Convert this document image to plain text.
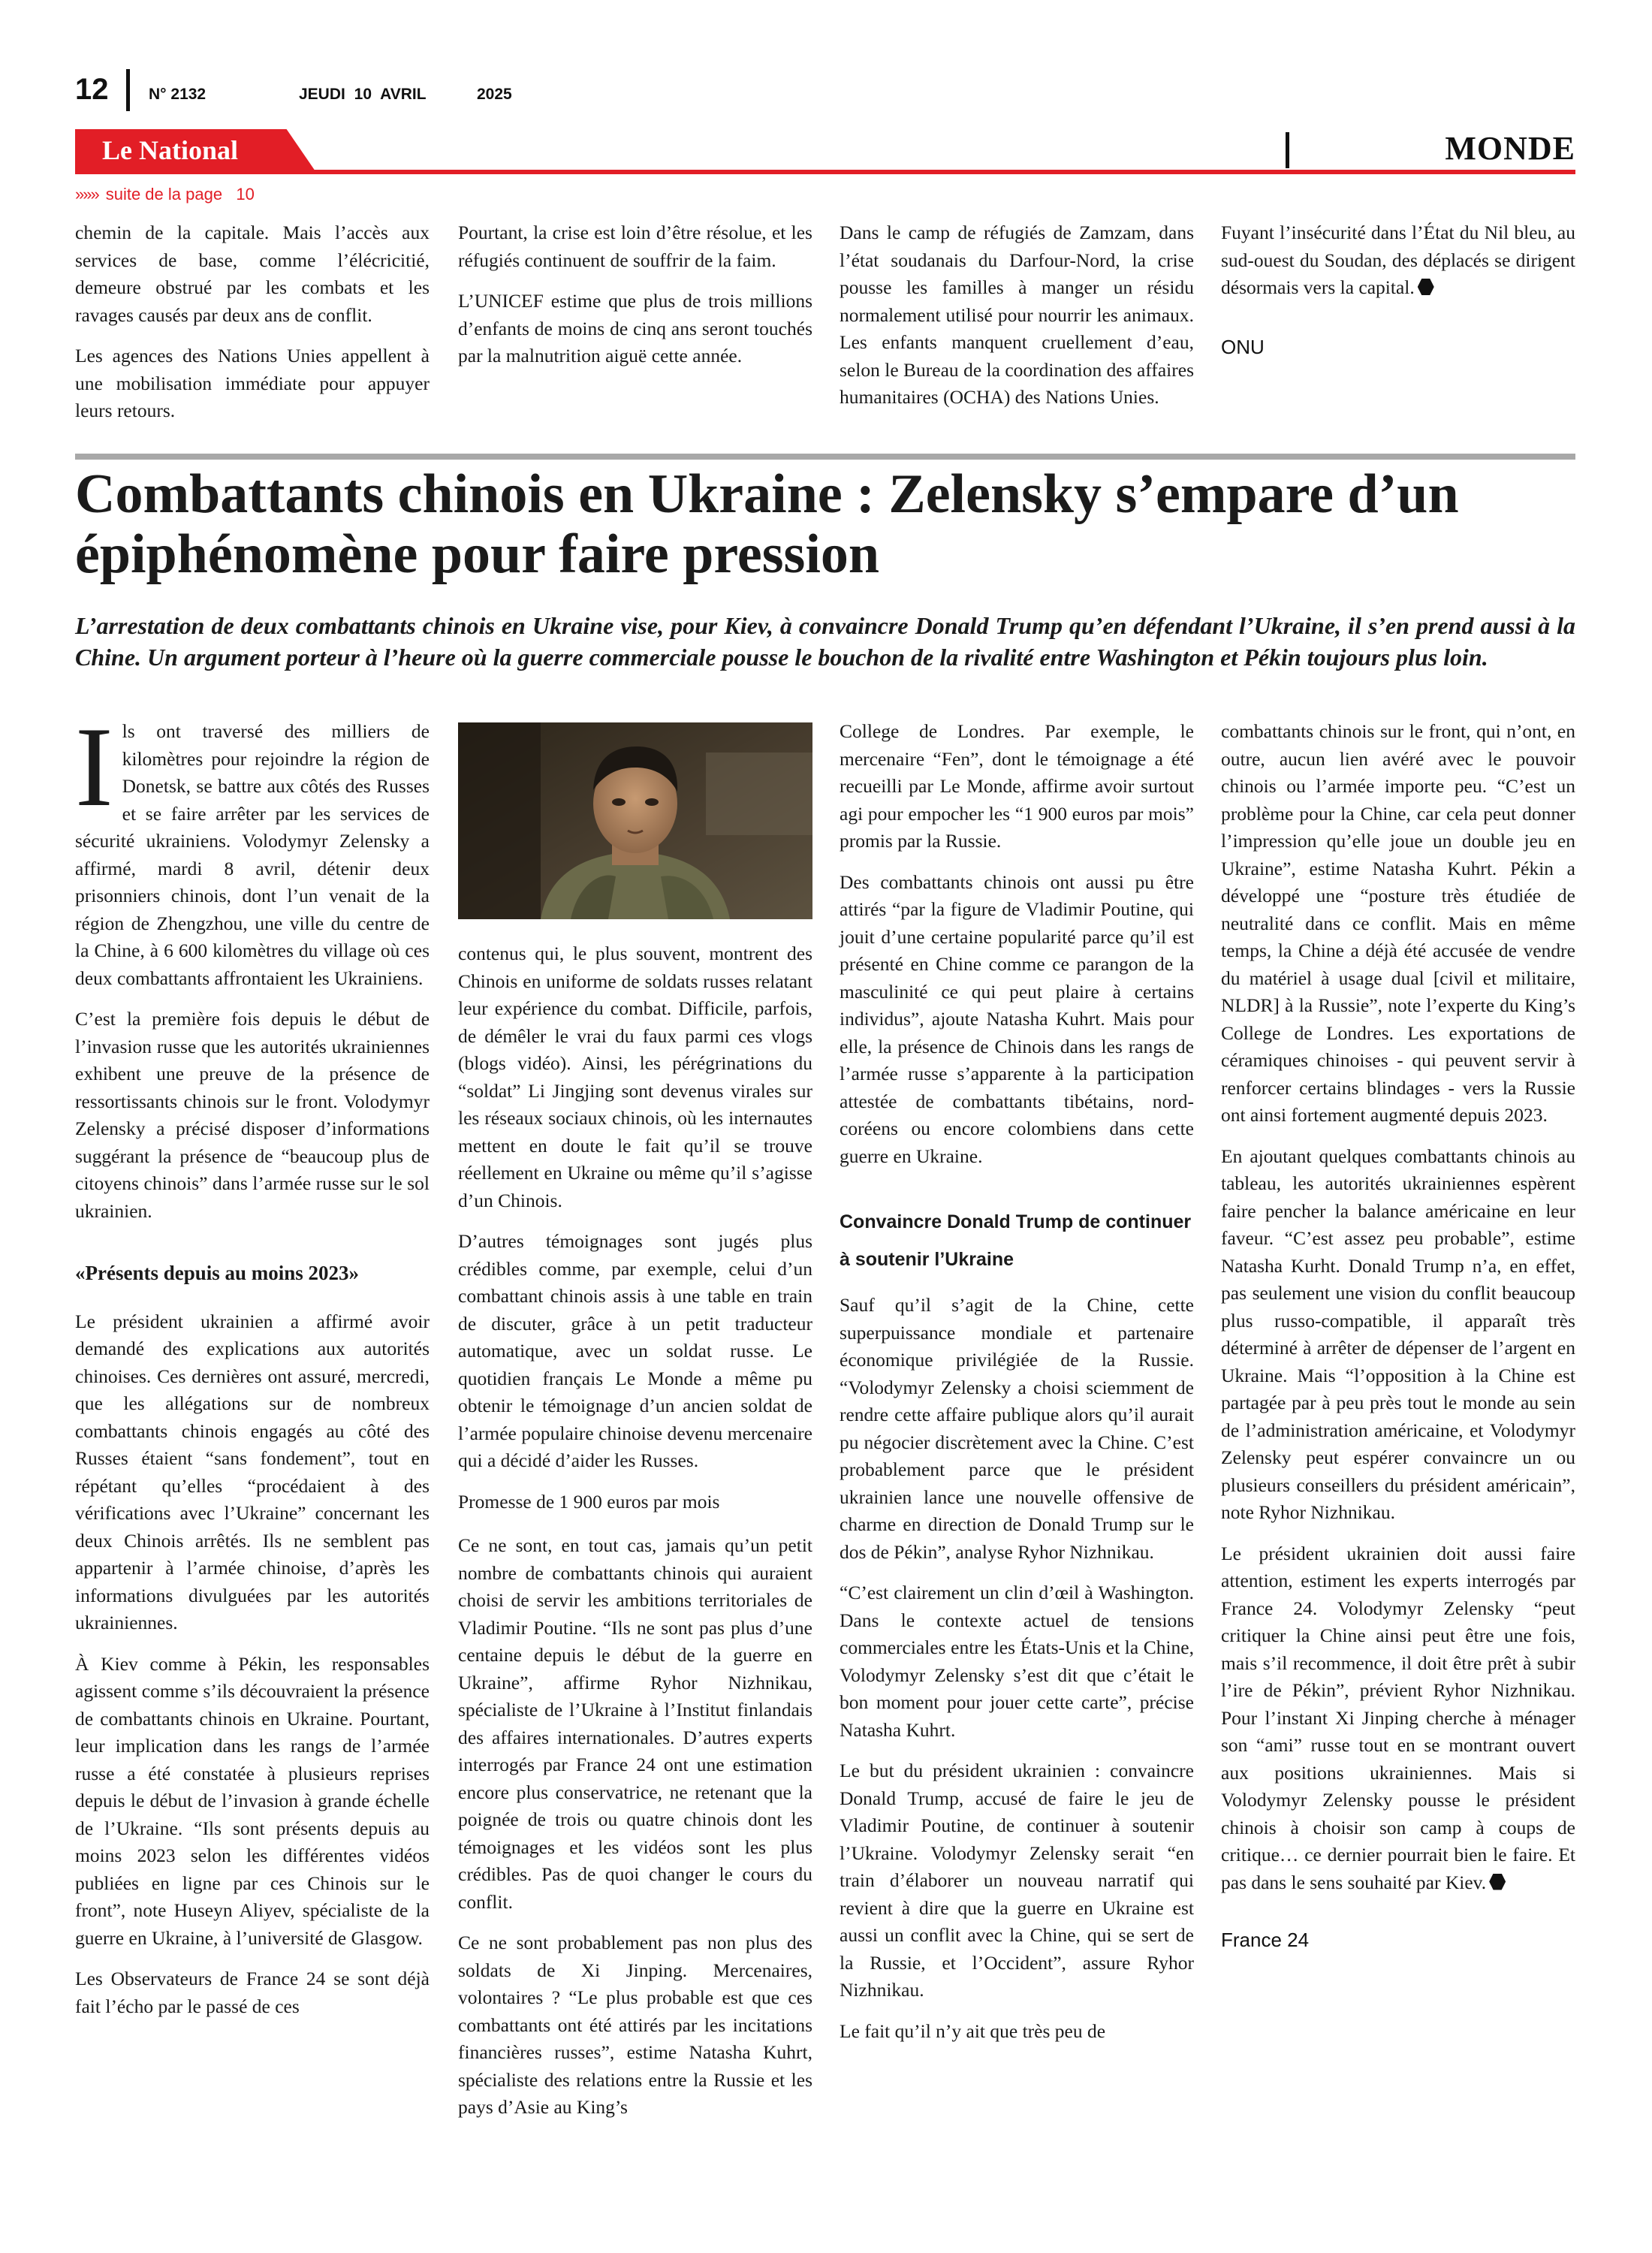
12	N° 2132	JEUDI 10 AVRIL	2025
Le National	MONDE
»»» suite de la page 10

chemin de la capitale. Mais l’accès aux services de base, comme l’élécricitié, demeure obstrué par les combats et les ravages causés par deux ans de conflit.

Les agences des Nations Unies appellent à une mobilisation immédiate pour appuyer leurs retours.

Pourtant, la crise est loin d’être résolue, et les réfugiés continuent de souffrir de la faim.

L’UNICEF estime que plus de trois millions d’enfants de moins de cinq ans seront touchés par la malnutrition aiguë cette année.

Dans le camp de réfugiés de Zamzam, dans l’état soudanais du Darfour-Nord, la crise pousse les familles à manger un résidu normalement utilisé pour nourrir les animaux. Les enfants manquent cruellement d’eau, selon le Bureau de la coordination des affaires humanitaires (OCHA) des Nations Unies.

Fuyant l’insécurité dans l’État du Nil bleu, au sud-ouest du Soudan, des déplacés se dirigent désormais vers la capital.

ONU

Combattants chinois en Ukraine : Zelensky s’empare d’un épiphénomène pour faire pression

L’arrestation de deux combattants chinois en Ukraine vise, pour Kiev, à convaincre Donald Trump qu’en défendant l’Ukraine, il s’en prend aussi à la Chine. Un argument porteur à l’heure où la guerre commerciale pousse le bouchon de la rivalité entre Washington et Pékin toujours plus loin.

Ils ont traversé des milliers de kilomètres pour rejoindre la région de Donetsk, se battre aux côtés des Russes et se faire arrêter par les services de sécurité ukrainiens. Volodymyr Zelensky a affirmé, mardi 8 avril, détenir deux prisonniers chinois, dont l’un venait de la région de Zhengzhou, une ville du centre de la Chine, à 6 600 kilomètres du village où ces deux combattants affrontaient les Ukrainiens.

C’est la première fois depuis le début de l’invasion russe que les autorités ukrainiennes exhibent une preuve de la présence de ressortissants chinois sur le front. Volodymyr Zelensky a précisé disposer d’informations suggérant la présence de “beaucoup plus de citoyens chinois” dans l’armée russe sur le sol ukrainien.

«Présents depuis au moins 2023»

Le président ukrainien a affirmé avoir demandé des explications aux autorités chinoises. Ces dernières ont assuré, mercredi, que les allégations sur de nombreux combattants chinois engagés au côté des Russes étaient “sans fondement”, tout en répétant qu’elles “procédaient à des vérifications avec l’Ukraine” concernant les deux Chinois arrêtés. Ils ne semblent pas appartenir à l’armée chinoise, d’après les informations divulguées par les autorités ukrainiennes.

À Kiev comme à Pékin, les responsables agissent comme s’ils découvraient la présence de combattants chinois en Ukraine. Pourtant, leur implication dans les rangs de l’armée russe a été constatée à plusieurs reprises depuis le début de l’invasion à grande échelle de l’Ukraine. “Ils sont présents depuis au moins 2023 selon les différentes vidéos publiées en ligne par ces Chinois sur le front”, note Huseyn Aliyev, spécialiste de la guerre en Ukraine, à l’université de Glasgow.

Les Observateurs de France 24 se sont déjà fait l’écho par le passé de ces

contenus qui, le plus souvent, montrent des Chinois en uniforme de soldats russes relatant leur expérience du combat. Difficile, parfois, de démêler le vrai du faux parmi ces vlogs (blogs vidéo). Ainsi, les pérégrinations du “soldat” Li Jingjing sont devenus virales sur les réseaux sociaux chinois, où les internautes mettent en doute le fait qu’il se trouve réellement en Ukraine ou même qu’il s’agisse d’un Chinois.

D’autres témoignages sont jugés plus crédibles comme, par exemple, celui d’un combattant chinois assis à une table en train de discuter, grâce à un petit traducteur automatique, avec un soldat russe. Le quotidien français Le Monde a même pu obtenir le témoignage d’un ancien soldat de l’armée populaire chinoise devenu mercenaire qui a décidé d’aider les Russes.

Promesse de 1 900 euros par mois

Ce ne sont, en tout cas, jamais qu’un petit nombre de combattants chinois qui auraient choisi de servir les ambitions territoriales de Vladimir Poutine. “Ils ne sont pas plus d’une centaine depuis le début de la guerre en Ukraine”, affirme Ryhor Nizhnikau, spécialiste de l’Ukraine à l’Institut finlandais des affaires internationales. D’autres experts interrogés par France 24 ont une estimation encore plus conservatrice, ne retenant que la poignée de trois ou quatre chinois dont les témoignages et les vidéos sont les plus crédibles. Pas de quoi changer le cours du conflit.

Ce ne sont probablement pas non plus des soldats de Xi Jinping. Mercenaires, volontaires ? “Le plus probable est que ces combattants ont été attirés par les incitations financières russes”, estime Natasha Kuhrt, spécialiste des relations entre la Russie et les pays d’Asie au King’s

College de Londres. Par exemple, le mercenaire “Fen”, dont le témoignage a été recueilli par Le Monde, affirme avoir surtout agi pour empocher les “1 900 euros par mois” promis par la Russie.

Des combattants chinois ont aussi pu être attirés “par la figure de Vladimir Poutine, qui jouit d’une certaine popularité parce qu’il est présenté en Chine comme ce parangon de la masculinité ce qui peut plaire à certains individus”, ajoute Natasha Kuhrt. Mais pour elle, la présence de Chinois dans les rangs de l’armée russe s’apparente à la participation attestée de combattants tibétains, nord-coréens ou encore colombiens dans cette guerre en Ukraine.

Convaincre Donald Trump de continuer à soutenir l’Ukraine

Sauf qu’il s’agit de la Chine, cette superpuissance mondiale et partenaire économique privilégiée de la Russie. “Volodymyr Zelensky a choisi sciemment de rendre cette affaire publique alors qu’il aurait pu négocier discrètement avec la Chine. C’est probablement parce que le président ukrainien lance une nouvelle offensive de charme en direction de Donald Trump sur le dos de Pékin”, analyse Ryhor Nizhnikau.

“C’est clairement un clin d’œil à Washington. Dans le contexte actuel de tensions commerciales entre les États-Unis et la Chine, Volodymyr Zelensky s’est dit que c’était le bon moment pour jouer cette carte”, précise Natasha Kuhrt.

Le but du président ukrainien : convaincre Donald Trump, accusé de faire le jeu de Vladimir Poutine, de continuer à soutenir l’Ukraine. Volodymyr Zelensky serait “en train d’élaborer un nouveau narratif qui revient à dire que la guerre en Ukraine est aussi un conflit avec la Chine, qui se sert de la Russie, et l’Occident”, assure Ryhor Nizhnikau.

Le fait qu’il n’y ait que très peu de

combattants chinois sur le front, qui n’ont, en outre, aucun lien avéré avec le pouvoir chinois ou l’armée importe peu. “C’est un problème pour la Chine, car cela peut donner l’impression qu’elle joue un double jeu en Ukraine”, estime Natasha Kuhrt. Pékin a développé une “posture très étudiée de neutralité dans ce conflit. Mais en même temps, la Chine a déjà été accusée de vendre du matériel à usage dual [civil et militaire, NLDR] à la Russie”, note l’experte du King’s College de Londres. Les exportations de céramiques chinoises - qui peuvent servir à renforcer certains blindages - vers la Russie ont ainsi fortement augmenté depuis 2023.

En ajoutant quelques combattants chinois au tableau, les autorités ukrainiennes espèrent faire pencher la balance américaine en leur faveur. “C’est assez peu probable”, estime Natasha Kurht. Donald Trump n’a, en effet, pas seulement une vision du conflit beaucoup plus russo-compatible, il apparaît très déterminé à arrêter de dépenser de l’argent en Ukraine. Mais “l’opposition à la Chine est partagée par à peu près tout le monde au sein de l’administration américaine, et Volodymyr Zelensky peut espérer convaincre un ou plusieurs conseillers du président américain”, note Ryhor Nizhnikau.

Le président ukrainien doit aussi faire attention, estiment les experts interrogés par France 24. Volodymyr Zelensky “peut critiquer la Chine ainsi peut être une fois, mais s’il recommence, il doit être prêt à subir l’ire de Pékin”, prévient Ryhor Nizhnikau. Pour l’instant Xi Jinping cherche à ménager son “ami” russe tout en se montrant ouvert aux positions ukrainiennes. Mais si Volodymyr Zelensky pousse le président chinois à choisir son camp à coups de critique… ce dernier pourrait bien le faire. Et pas dans le sens souhaité par Kiev.

France 24
